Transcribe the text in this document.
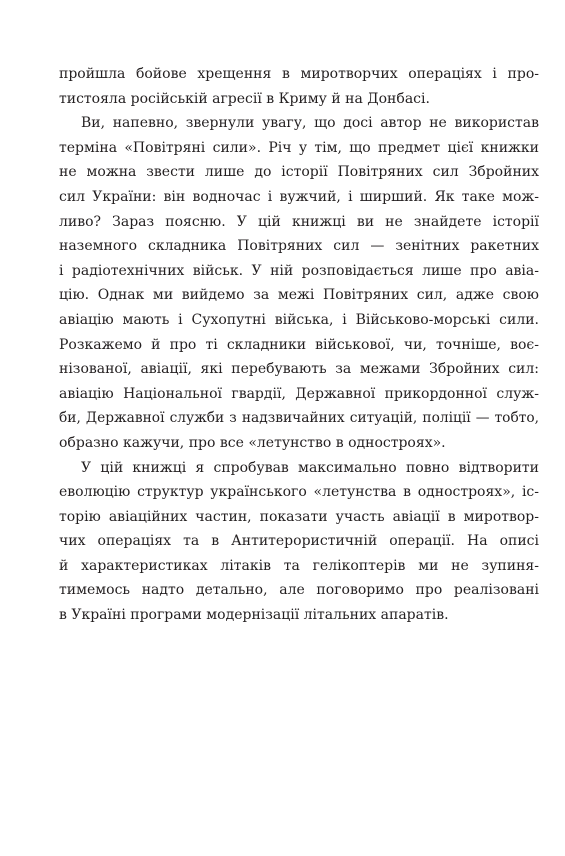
пройшла бойове хрещення в миротворчих операціях і про-
тистояла російській агресії в Криму й на Донбасі.
Ви, напевно, звернули увагу, що досі автор не використав
терміна «Повітряні сили». Річ у тім, що предмет цієї книжки
не можна звести лише до історії Повітряних сил Збройних
сил України: він водночас і вужчий, і ширший. Як таке мож-
ливо? Зараз поясню. У цій книжці ви не знайдете історії
наземного складника Повітряних сил — зенітних ракетних
і радіотехнічних військ. У ній розповідається лише про авіа-
цію. Однак ми вийдемо за межі Повітряних сил, адже свою
авіацію мають і Сухопутні війська, і Військово-морські сили.
Розкажемо й про ті складники військової, чи, точніше, воє-
нізованої, авіації, які перебувають за межами Збройних сил:
авіацію Національної гвардії, Державної прикордонної служ-
би, Державної служби з надзвичайних ситуацій, поліції — тобто,
образно кажучи, про все «летунство в одностроях».
У цій книжці я спробував максимально повно відтворити
еволюцію структур українського «летунства в одностроях», іс-
торію авіаційних частин, показати участь авіації в миротвор-
чих операціях та в Антитерористичній операції. На описі
й характеристиках літаків та гелікоптерів ми не зупиня-
тимемось надто детально, але поговоримо про реалізовані
в Україні програми модернізації літальних апаратів.
